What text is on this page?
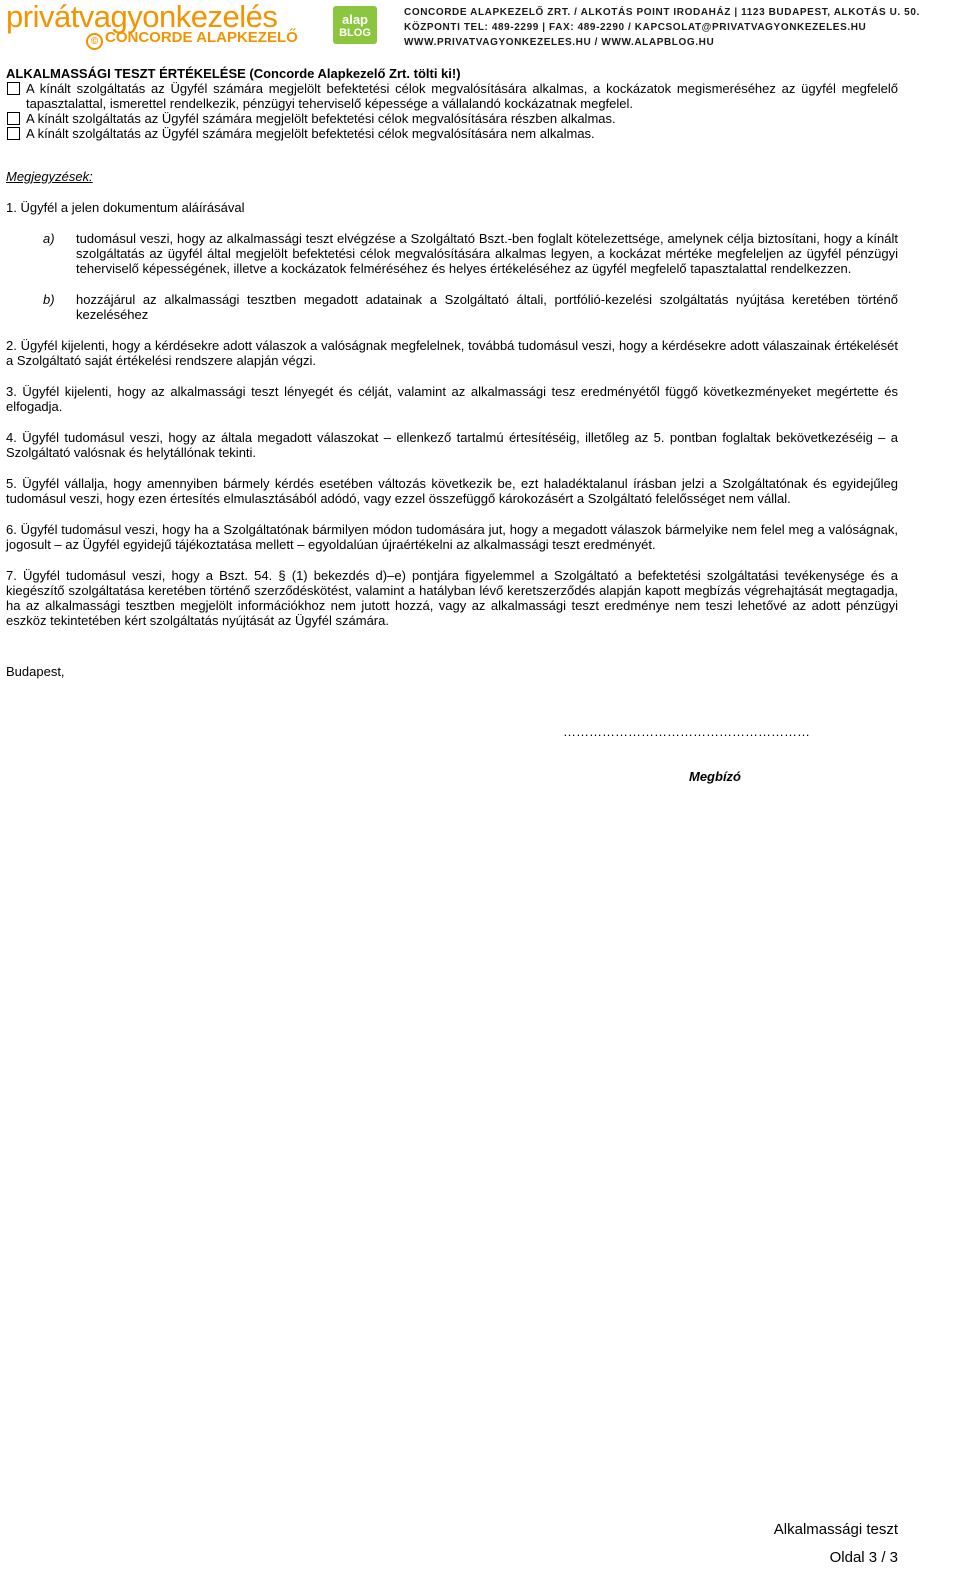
privátvagyonkezelés
© CONCORDE ALAPKEZELŐ
alap
BLOG
CONCORDE ALAPKEZELŐ ZRT. / ALKOTÁS POINT IRODAHÁZ | 1123 BUDAPEST, ALKOTÁS U. 50.
KÖZPONTI TEL: 489-2299 | FAX: 489-2290 / KAPCSOLAT@PRIVATVAGYONKEZELES.HU
WWW.PRIVATVAGYONKEZELES.HU / WWW.ALAPBLOG.HU
ALKALMASSÁGI TESZT ÉRTÉKELÉSE (Concorde Alapkezelő Zrt. tölti ki!)
A kínált szolgáltatás az Ügyfél számára megjelölt befektetési célok megvalósítására alkalmas, a kockázatok megismeréséhez az ügyfél megfelelő tapasztalattal, ismerettel rendelkezik, pénzügyi teherviselő képessége a vállalandó kockázatnak megfelel.
A kínált szolgáltatás az Ügyfél számára megjelölt befektetési célok megvalósítására részben alkalmas.
A kínált szolgáltatás az Ügyfél számára megjelölt befektetési célok megvalósítására nem alkalmas.
Megjegyzések:
1. Ügyfél a jelen dokumentum aláírásával
a)	tudomásul veszi, hogy az alkalmassági teszt elvégzése a Szolgáltató Bszt.-ben foglalt kötelezettsége, amelynek célja biztosítani, hogy a kínált szolgáltatás az ügyfél által megjelölt befektetési célok megvalósítására alkalmas legyen, a kockázat mértéke megfeleljen az ügyfél pénzügyi teherviselő képességének, illetve a kockázatok felméréséhez és helyes értékeléséhez az ügyfél megfelelő tapasztalattal rendelkezzen.
b)	hozzájárul az alkalmassági tesztben megadott adatainak a Szolgáltató általi, portfólió-kezelési szolgáltatás nyújtása keretében történő kezeléséhez
2. Ügyfél kijelenti, hogy a kérdésekre adott válaszok a valóságnak megfelelnek, továbbá tudomásul veszi, hogy a kérdésekre adott válaszainak értékelését a Szolgáltató saját értékelési rendszere alapján végzi.
3. Ügyfél kijelenti, hogy az alkalmassági teszt lényegét és célját, valamint az alkalmassági tesz eredményétől függő következményeket megértette és elfogadja.
4. Ügyfél tudomásul veszi, hogy az általa megadott válaszokat – ellenkező tartalmú értesítéséig, illetőleg az 5. pontban foglaltak bekövetkezéséig – a Szolgáltató valósnak és helytállónak tekinti.
5. Ügyfél vállalja, hogy amennyiben bármely kérdés esetében változás következik be, ezt haladéktalanul írásban jelzi a Szolgáltatónak és egyidejűleg tudomásul veszi, hogy ezen értesítés elmulasztásából adódó, vagy ezzel összefüggő károkozásért a Szolgáltató felelősséget nem vállal.
6. Ügyfél tudomásul veszi, hogy ha a Szolgáltatónak bármilyen módon tudomására jut, hogy a megadott válaszok bármelyike nem felel meg a valóságnak, jogosult – az Ügyfél egyidejű tájékoztatása mellett – egyoldalúan újraértékelni az alkalmassági teszt eredményét.
7. Ügyfél tudomásul veszi, hogy a Bszt. 54. § (1) bekezdés d)–e) pontjára figyelemmel a Szolgáltató a befektetési szolgáltatási tevékenysége és a kiegészítő szolgáltatása keretében történő szerződéskötést, valamint a hatályban lévő keretszerződés alapján kapott megbízás végrehajtását megtagadja, ha az alkalmassági tesztben megjelölt információkhoz nem jutott hozzá, vagy az alkalmassági teszt eredménye nem teszi lehetővé az adott pénzügyi eszköz tekintetében kért szolgáltatás nyújtását az Ügyfél számára.
Budapest,
…………………………………………………
Megbízó
Alkalmassági teszt
Oldal 3 / 3
